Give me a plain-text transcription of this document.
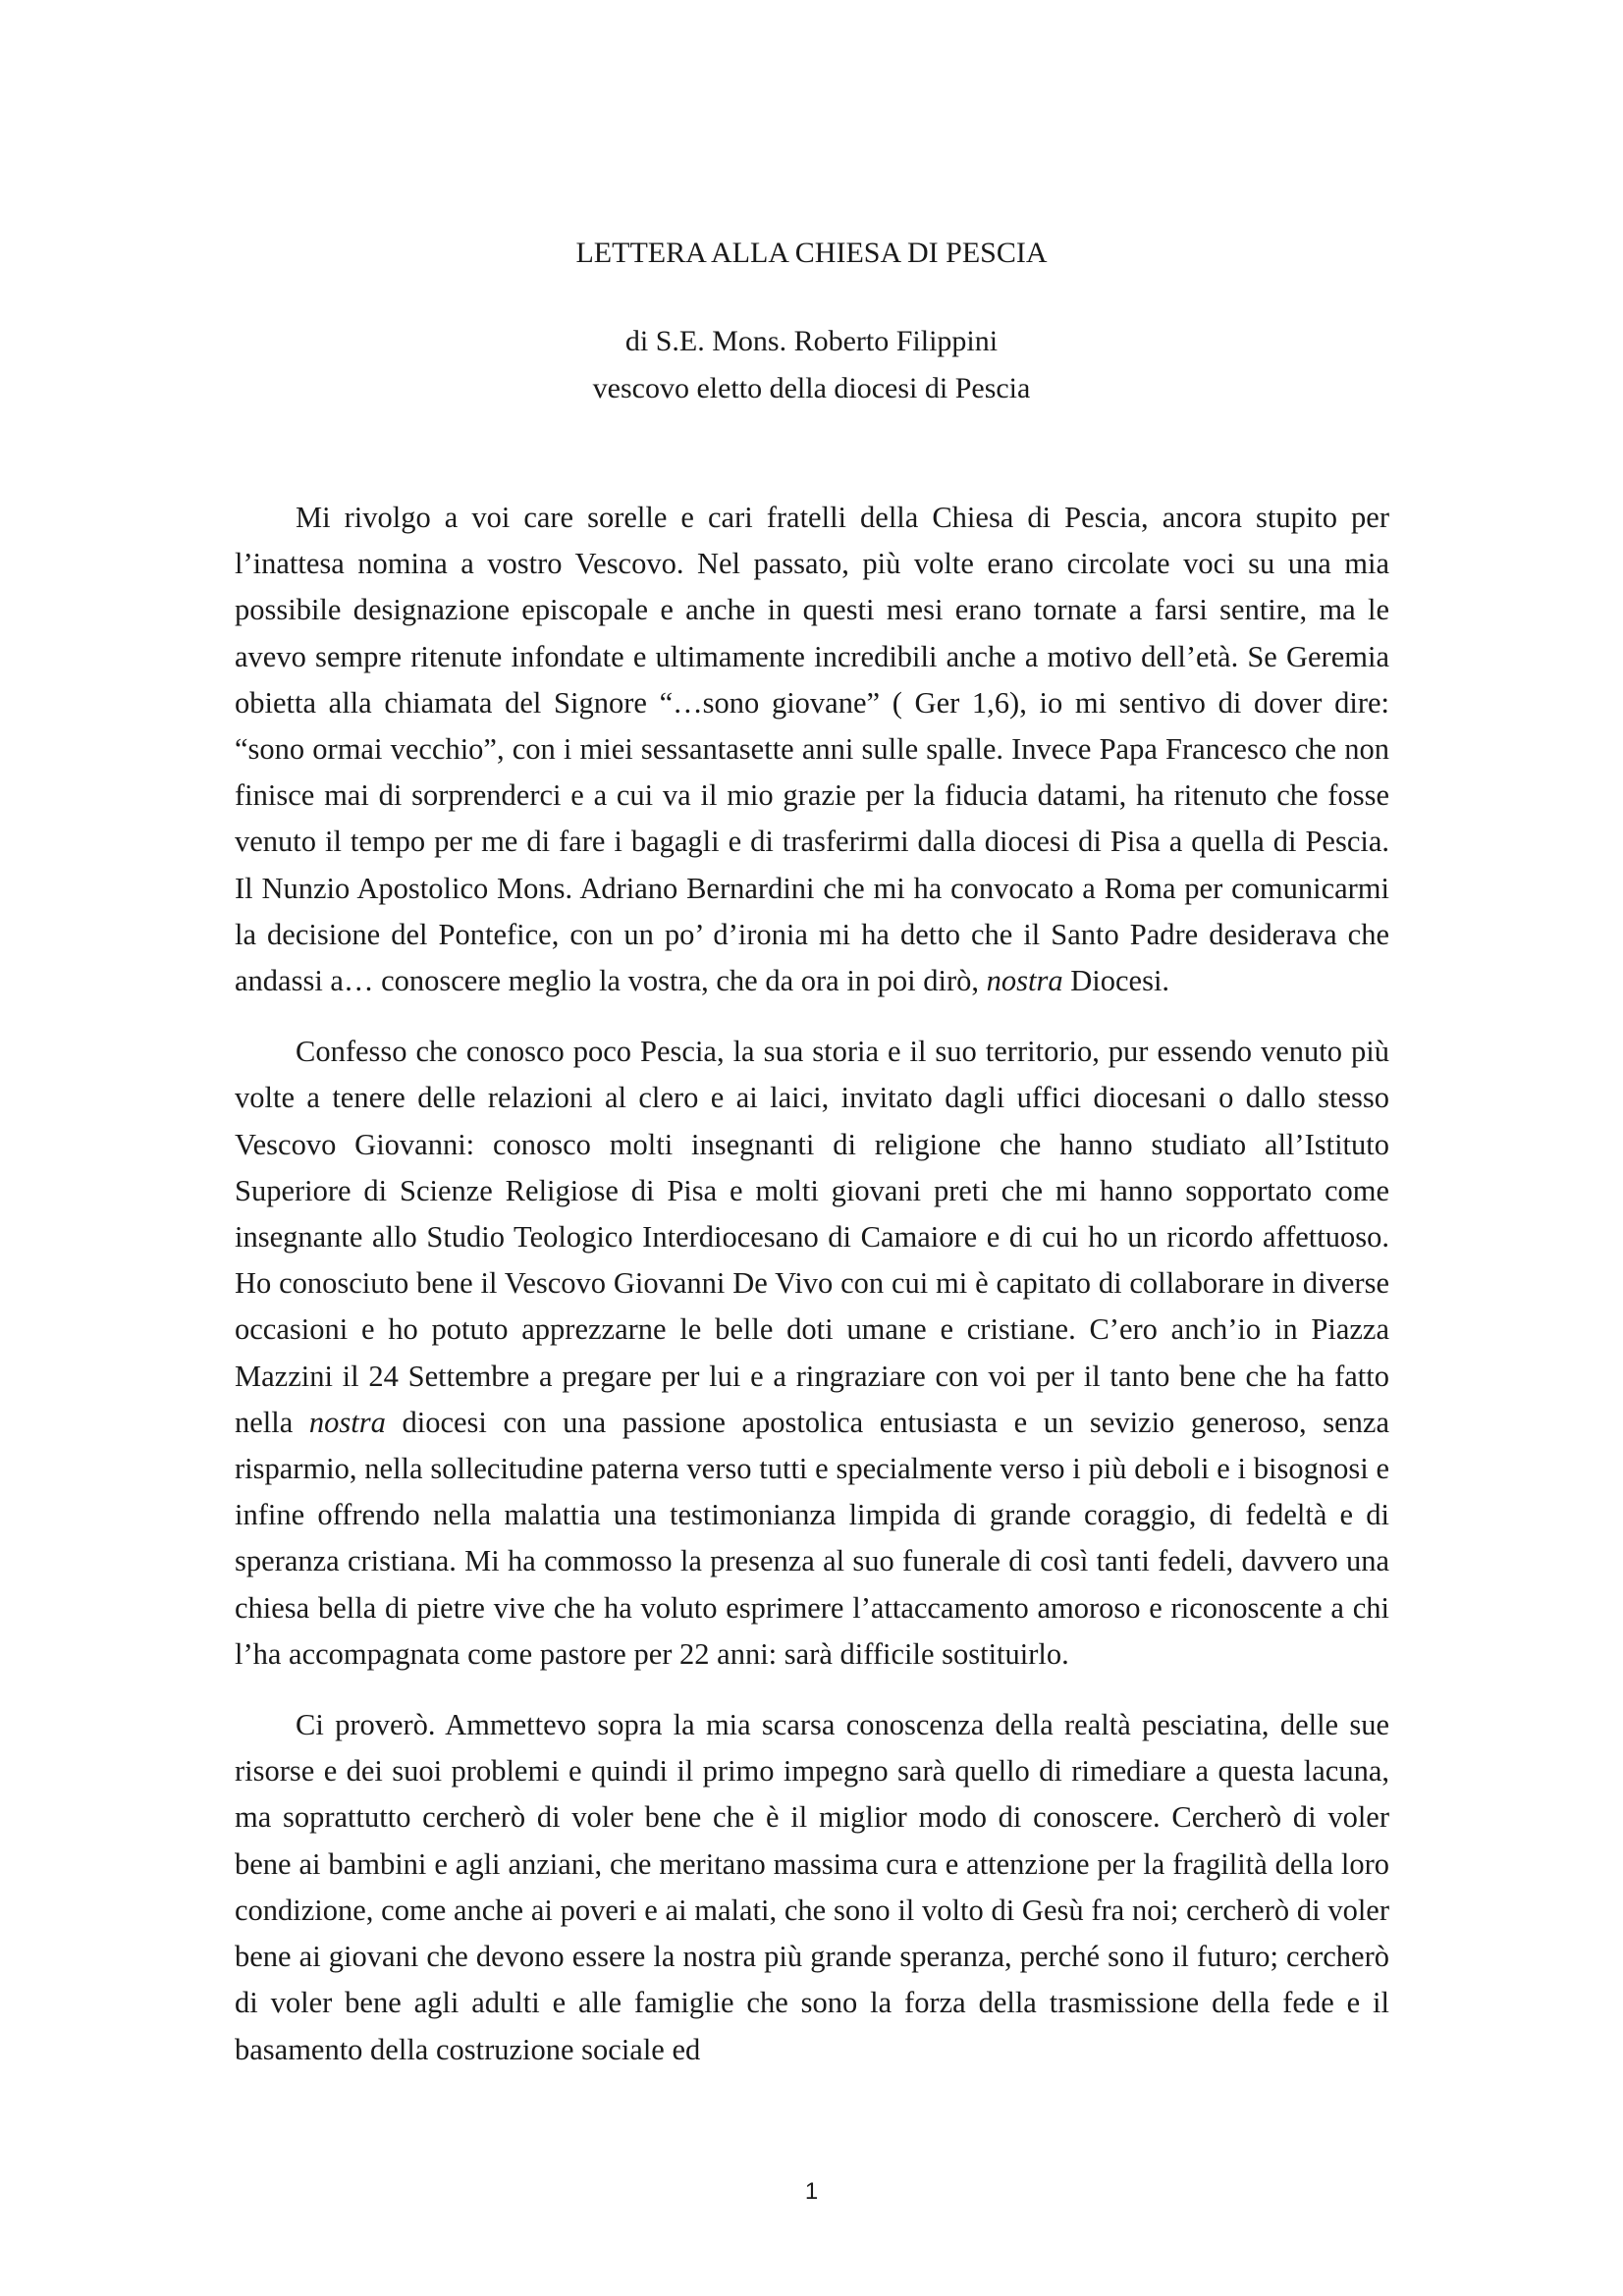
LETTERA ALLA CHIESA DI PESCIA
di S.E. Mons. Roberto Filippini
vescovo eletto della diocesi di Pescia

Mi rivolgo a voi care sorelle e cari fratelli della Chiesa di Pescia, ancora stupito per l’inattesa nomina a vostro Vescovo. Nel passato, più volte erano circolate voci su una mia possibile designazione episcopale e anche in questi mesi erano tornate a farsi sentire, ma le avevo sempre ritenute infondate e ultimamente incredibili anche a motivo dell’età. Se Geremia obietta alla chiamata del Signore “…sono giovane” ( Ger 1,6), io mi sentivo di dover dire: “sono ormai vecchio”, con i miei sessantasette anni sulle spalle. Invece Papa Francesco che non finisce mai di sorprenderci e a cui va il mio grazie per la fiducia datami, ha ritenuto che fosse venuto il tempo per me di fare i bagagli e di trasferirmi dalla diocesi di Pisa a quella di Pescia. Il Nunzio Apostolico Mons. Adriano Bernardini che mi ha convocato a Roma per comunicarmi la decisione del Pontefice, con un po’ d’ironia mi ha detto che il Santo Padre desiderava che andassi a… conoscere meglio la vostra, che da ora in poi dirò, nostra Diocesi.

Confesso che conosco poco Pescia, la sua storia e il suo territorio, pur essendo venuto più volte a tenere delle relazioni al clero e ai laici, invitato dagli uffici diocesani o dallo stesso Vescovo Giovanni: conosco molti insegnanti di religione che hanno studiato all’Istituto Superiore di Scienze Religiose di Pisa e molti giovani preti che mi hanno sopportato come insegnante allo Studio Teologico Interdiocesano di Camaiore e di cui ho un ricordo affettuoso. Ho conosciuto bene il Vescovo Giovanni De Vivo con cui mi è capitato di collaborare in diverse occasioni e ho potuto apprezzarne le belle doti umane e cristiane. C’ero anch’io in Piazza Mazzini il 24 Settembre a pregare per lui e a ringraziare con voi per il tanto bene che ha fatto nella nostra diocesi con una passione apostolica entusiasta e un sevizio generoso, senza risparmio, nella sollecitudine paterna verso tutti e specialmente verso i più deboli e i bisognosi e infine offrendo nella malattia una testimonianza limpida di grande coraggio, di fedeltà e di speranza cristiana. Mi ha commosso la presenza al suo funerale di così tanti fedeli, davvero una chiesa bella di pietre vive che ha voluto esprimere l’attaccamento amoroso e riconoscente a chi l’ha accompagnata come pastore per 22 anni: sarà difficile sostituirlo.

Ci proverò. Ammettevo sopra la mia scarsa conoscenza della realtà pesciatina, delle sue risorse e dei suoi problemi e quindi il primo impegno sarà quello di rimediare a questa lacuna, ma soprattutto cercherò di voler bene che è il miglior modo di conoscere. Cercherò di voler bene ai bambini e agli anziani, che meritano massima cura e attenzione per la fragilità della loro condizione, come anche ai poveri e ai malati, che sono il volto di Gesù fra noi; cercherò di voler bene ai giovani che devono essere la nostra più grande speranza, perché sono il futuro; cercherò di voler bene agli adulti e alle famiglie che sono la forza della trasmissione della fede e il basamento della costruzione sociale ed

1
